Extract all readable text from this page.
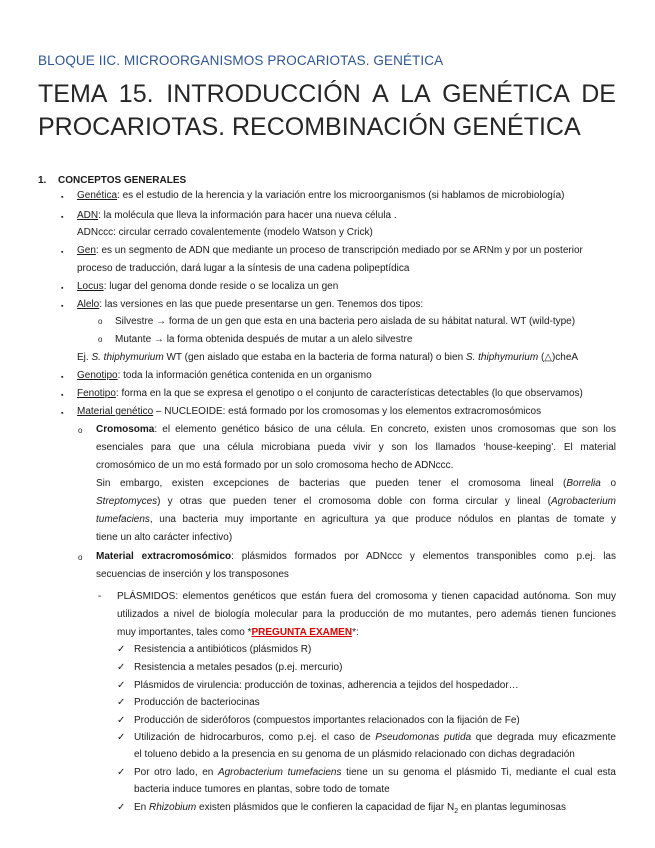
BLOQUE IIC. MICROORGANISMOS PROCARIOTAS. GENÉTICA
TEMA 15. INTRODUCCIÓN A LA GENÉTICA DE PROCARIOTAS. RECOMBINACIÓN GENÉTICA
1. CONCEPTOS GENERALES
▪ Genética: es el estudio de la herencia y la variación entre los microorganismos (si hablamos de microbiología)
▪ ADN: la molécula que lleva la información para hacer una nueva célula .
ADNccc: circular cerrado covalentemente (modelo Watson y Crick)
▪ Gen: es un segmento de ADN que mediante un proceso de transcripción mediado por se ARNm y por un posterior
proceso de traducción, dará lugar a la síntesis de una cadena polipeptídica
▪ Locus: lugar del genoma donde reside o se localiza un gen
▪ Alelo: las versiones en las que puede presentarse un gen. Tenemos dos tipos:
o Silvestre → forma de un gen que esta en una bacteria pero aislada de su hábitat natural. WT (wild-type)
o Mutante → la forma obtenida después de mutar a un alelo silvestre
Ej. S. thiphymurium WT (gen aislado que estaba en la bacteria de forma natural) o bien S. thiphymurium (△)cheA
▪ Genotipo: toda la información genética contenida en un organismo
▪ Fenotipo: forma en la que se expresa el genotipo o el conjunto de características detectables (lo que observamos)
▪ Material genético – NUCLEOIDE: está formado por los cromosomas y los elementos extracromosómicos
o Cromosoma: el elemento genético básico de una célula. En concreto, existen unos cromosomas que son los
esenciales para que una célula microbiana pueda vivir y son los llamados ‘house-keeping’. El material
cromosómico de un mo está formado por un solo cromosoma hecho de ADNccc.
Sin embargo, existen excepciones de bacterias que pueden tener el cromosoma lineal (Borrelia o
Streptomyces) y otras que pueden tener el cromosoma doble con forma circular y lineal (Agrobacterium
tumefaciens, una bacteria muy importante en agricultura ya que produce nódulos en plantas de tomate y
tiene un alto carácter infectivo)
o Material extracromosómico: plásmidos formados por ADNccc y elementos transponibles como p.ej. las
secuencias de inserción y los transposones
- PLÁSMIDOS: elementos genéticos que están fuera del cromosoma y tienen capacidad autónoma. Son muy
utilizados a nivel de biología molecular para la producción de mo mutantes, pero además tienen funciones
muy importantes, tales como *PREGUNTA EXAMEN*:
✓ Resistencia a antibióticos (plásmidos R)
✓ Resistencia a metales pesados (p.ej. mercurio)
✓ Plásmidos de virulencia: producción de toxinas, adherencia a tejidos del hospedador…
✓ Producción de bacteriocinas
✓ Producción de sideróforos (compuestos importantes relacionados con la fijación de Fe)
✓ Utilización de hidrocarburos, como p.ej. el caso de Pseudomonas putida que degrada muy eficazmente
el tolueno debido a la presencia en su genoma de un plásmido relacionado con dichas degradación
✓ Por otro lado, en Agrobacterium tumefaciens tiene un su genoma el plásmido Ti, mediante el cual esta
bacteria induce tumores en plantas, sobre todo de tomate
✓ En Rhizobium existen plásmidos que le confieren la capacidad de fijar $N_2$ en plantas leguminosas
